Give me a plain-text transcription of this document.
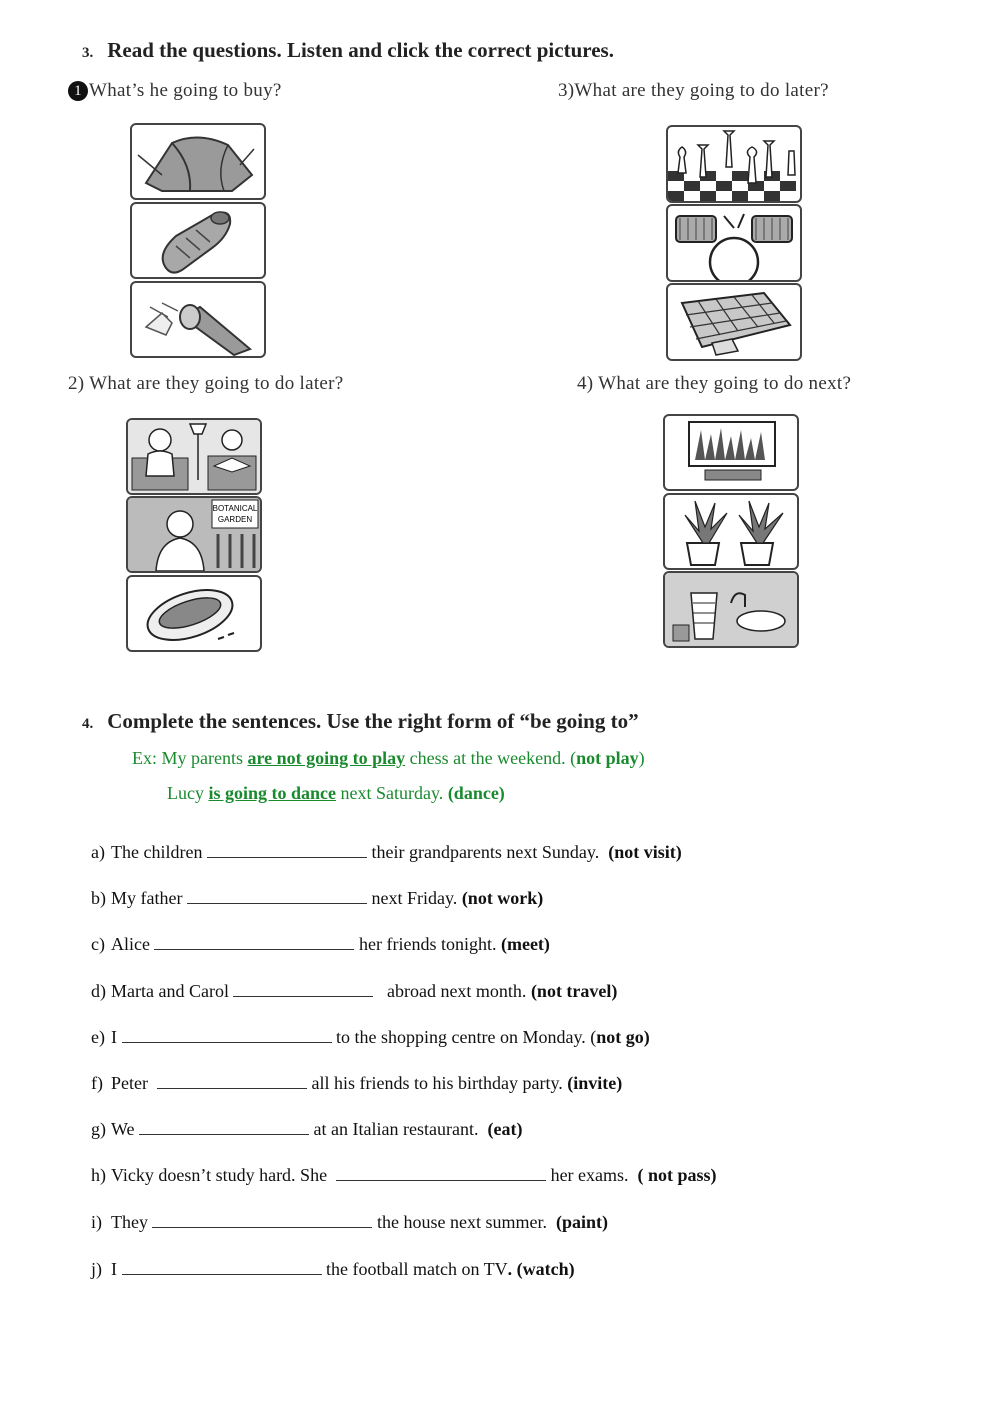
3. Read the questions. Listen and click the correct pictures.
1 What’s he going to buy?	3)What are they going to do later?
2) What are they going to do later?	4) What are they going to do next?
BOTANICAL
GARDEN
4. Complete the sentences. Use the right form of “be going to”
Ex: My parents are not going to play chess at the weekend. (not play)
Lucy is going to dance next Saturday. (dance)
a) The children	their grandparents next Sunday. (not visit)
b) My father	next Friday. (not work)
c) Alice	her friends tonight. (meet)
d) Marta and Carol	abroad next month. (not travel)
e) I	to the shopping centre on Monday. (not go)
f) Peter	all his friends to his birthday party. (invite)
g) We	at an Italian restaurant. (eat)
h) Vicky doesn’t study hard. She	her exams. ( not pass)
i) They	the house next summer. (paint)
j) I	the football match on TV. (watch)
